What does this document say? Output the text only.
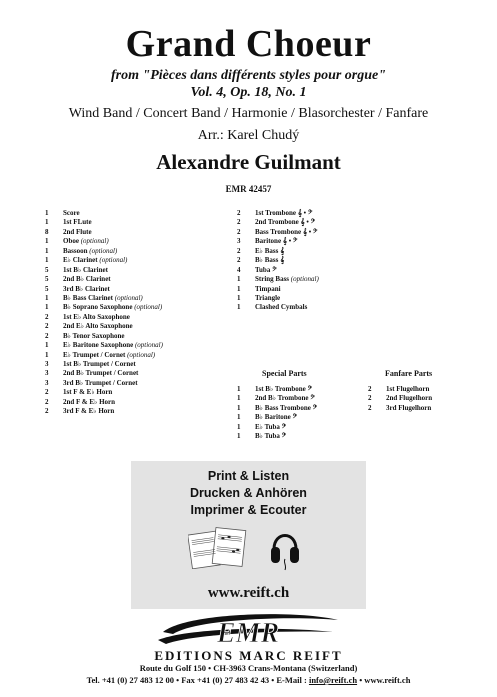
Grand Choeur
from "Pièces dans différents styles pour orgue"
Vol. 4, Op. 18, No. 1
Wind Band / Concert Band / Harmonie / Blasorchester / Fanfare
Arr.: Karel Chudý
Alexandre Guilmant
EMR 42457
1	Score
1	1st FLute
8	2nd Flute
1	Oboe (optional)
1	Bassoon (optional)
1	E♭ Clarinet (optional)
5	1st B♭ Clarinet
5	2nd B♭ Clarinet
5	3rd B♭ Clarinet
1	B♭ Bass Clarinet (optional)
1	B♭ Soprano Saxophone (optional)
2	1st E♭ Alto Saxophone
2	2nd E♭ Alto Saxophone
2	B♭ Tenor Saxophone
1	E♭ Baritone Saxophone (optional)
1	E♭ Trumpet / Cornet (optional)
3	1st B♭ Trumpet / Cornet
3	2nd B♭ Trumpet / Cornet
3	3rd B♭ Trumpet / Cornet
2	1st F & E♭ Horn
2	2nd F & E♭ Horn
2	3rd F & E♭ Horn
2	1st Trombone 𝄞 • 𝄢
2	2nd Trombone 𝄞 • 𝄢
2	Bass Trombone 𝄞 • 𝄢
3	Baritone 𝄞 • 𝄢
2	E♭ Bass 𝄞
2	B♭ Bass 𝄞
4	Tuba 𝄢
1	String Bass (optional)
1	Timpani
1	Triangle
1	Clashed Cymbals
Special Parts	Fanfare Parts
1	1st B♭ Trombone 𝄢
1	2nd B♭ Trombone 𝄢
1	B♭ Bass Trombone 𝄢
1	B♭ Baritone 𝄢
1	E♭ Tuba 𝄢
1	B♭ Tuba 𝄢
2	1st Flugelhorn
2	2nd Flugelhorn
2	3rd Flugelhorn
Print & Listen
Drucken & Anhören
Imprimer & Ecouter
www.reift.ch
EMR
EDITIONS MARC REIFT
Route du Golf 150 • CH-3963 Crans-Montana (Switzerland)
Tel. +41 (0) 27 483 12 00 • Fax +41 (0) 27 483 42 43 • E-Mail : info@reift.ch • www.reift.ch
